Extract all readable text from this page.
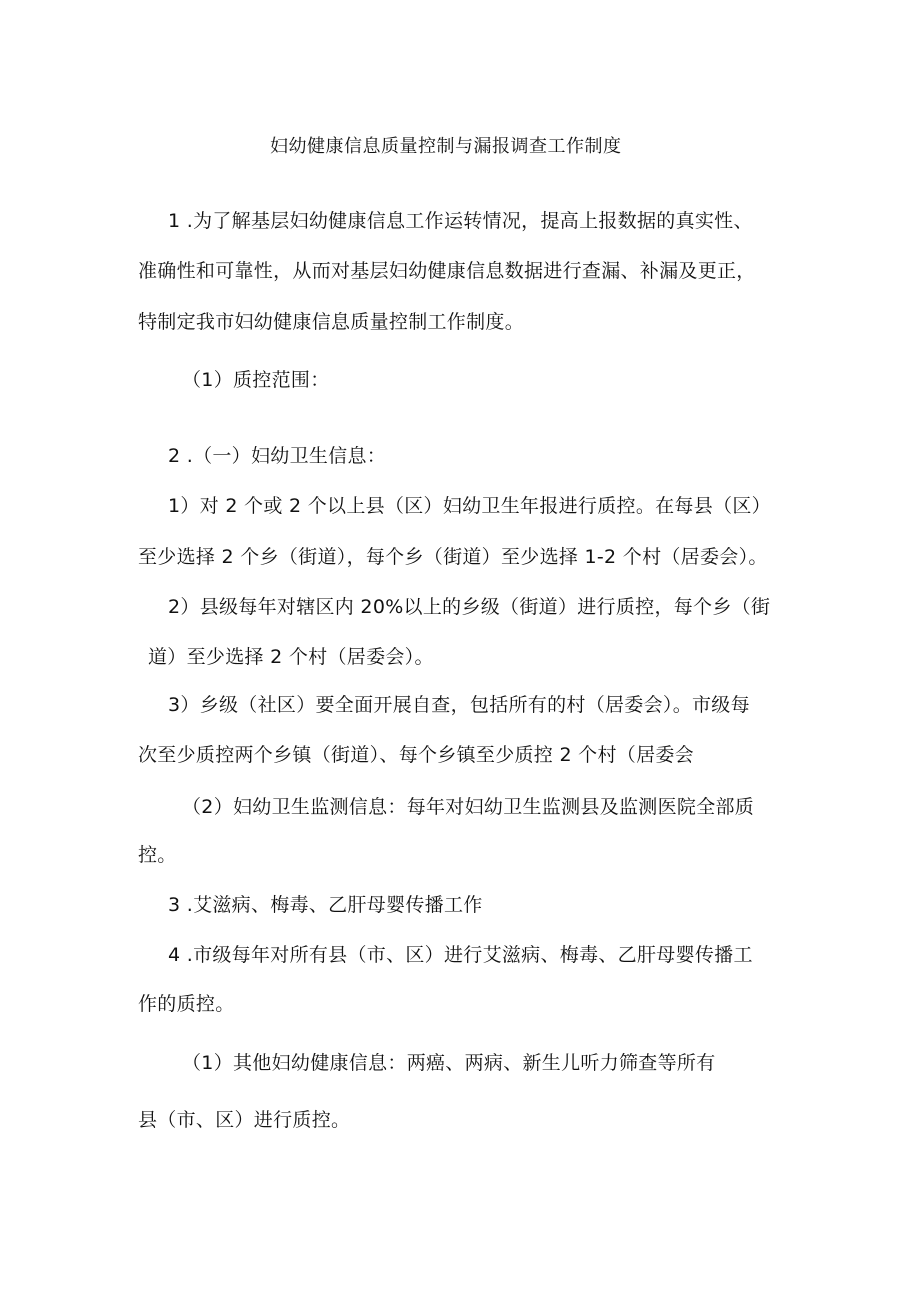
妇幼健康信息质量控制与漏报调查工作制度
1 .为了解基层妇幼健康信息工作运转情况，提高上报数据的真实性、
准确性和可靠性，从而对基层妇幼健康信息数据进行查漏、补漏及更正，
特制定我市妇幼健康信息质量控制工作制度。
（1）质控范围：
2 .（一）妇幼卫生信息：
1）对 2 个或 2 个以上县（区）妇幼卫生年报进行质控。在每县（区）
至少选择 2 个乡（街道），每个乡（街道）至少选择 1-2 个村（居委会）。
2）县级每年对辖区内 20%以上的乡级（街道）进行质控，每个乡（街
道）至少选择 2 个村（居委会）。
3）乡级（社区）要全面开展自查，包括所有的村（居委会）。市级每
次至少质控两个乡镇（街道）、每个乡镇至少质控 2 个村（居委会
（2）妇幼卫生监测信息：每年对妇幼卫生监测县及监测医院全部质
控。
3 .艾滋病、梅毒、乙肝母婴传播工作
4 .市级每年对所有县（市、区）进行艾滋病、梅毒、乙肝母婴传播工
作的质控。
（1）其他妇幼健康信息：两癌、两病、新生儿听力筛查等所有
县（市、区）进行质控。
